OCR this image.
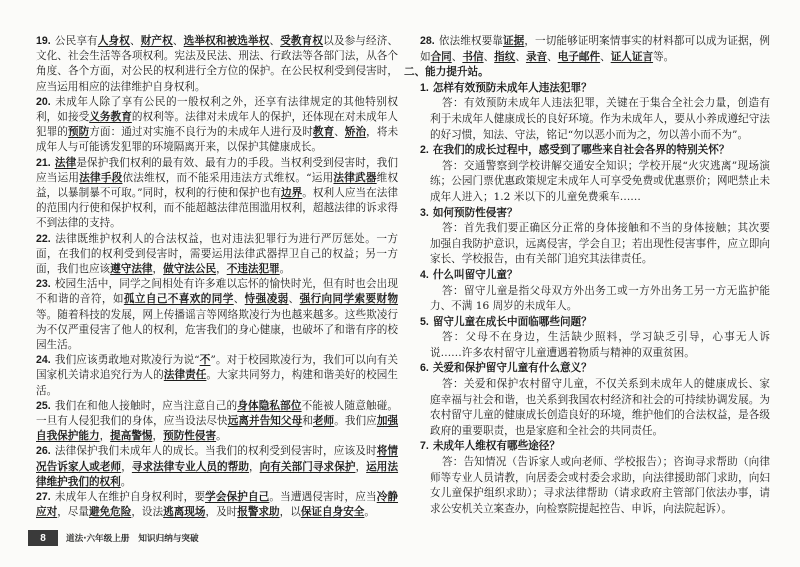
19. 公民享有人身权、财产权、选举权和被选举权、受教育权以及参与经济、文化、社会生活等各项权利。宪法及民法、刑法、行政法等各部门法，从各个角度、各个方面，对公民的权利进行全方位的保护。在公民权利受到侵害时，应当运用相应的法律维护自身权利。

20. 未成年人除了享有公民的一般权利之外，还享有法律规定的其他特别权利，如接受义务教育的权利等。法律对未成年人的保护，还体现在对未成年人犯罪的预防方面：通过对实施不良行为的未成年人进行及时教育、矫治，将未成年人与可能诱发犯罪的环境隔离开来，以保护其健康成长。

21. 法律是保护我们权利的最有效、最有力的手段。当权利受到侵害时，我们应当运用法律手段依法维权，而不能采用违法方式维权。“运用法律武器维权益，以暴制暴不可取。”同时，权利的行使和保护也有边界。权利人应当在法律的范围内行使和保护权利，而不能超越法律范围滥用权利，超越法律的诉求得不到法律的支持。

22. 法律既维护权利人的合法权益，也对违法犯罪行为进行严厉惩处。一方面，在我们的权利受到侵害时，需要运用法律武器捍卫自己的权益；另一方面，我们也应该遵守法律，做守法公民，不违法犯罪。

23. 校园生活中，同学之间相处有许多难以忘怀的愉快时光，但有时也会出现不和谐的音符，如孤立自己不喜欢的同学、恃强凌弱、强行向同学索要财物等。随着科技的发展，网上传播谣言等网络欺凌行为也越来越多。这些欺凌行为不仅严重侵害了他人的权利，危害我们的身心健康，也破坏了和谐有序的校园生活。

24. 我们应该勇敢地对欺凌行为说“不”。对于校园欺凌行为，我们可以向有关国家机关请求追究行为人的法律责任。大家共同努力，构建和谐美好的校园生活。

25. 我们在和他人接触时，应当注意自己的身体隐私部位不能被人随意触碰。一旦有人侵犯我们的身体，应当设法尽快远离并告知父母和老师。我们应加强自我保护能力，提高警惕，预防性侵害。

26. 法律保护我们未成年人的成长。当我们的权利受到侵害时，应该及时将情况告诉家人或老师，寻求法律专业人员的帮助，向有关部门寻求保护，运用法律维护我们的权利。

27. 未成年人在维护自身权利时，要学会保护自己。当遭遇侵害时，应当冷静应对，尽量避免危险，设法逃离现场，及时报警求助，以保证自身安全。

28. 依法维权要靠证据，一切能够证明案情事实的材料都可以成为证据，例如合同、书信、指纹、录音、电子邮件、证人证言等。

二、能力提升站。

1. 怎样有效预防未成年人违法犯罪？

答：有效预防未成年人违法犯罪，关键在于集合全社会力量，创造有利于未成年人健康成长的良好环境。作为未成年人，要从小养成遵纪守法的好习惯，知法、守法，铭记“勿以恶小而为之，勿以善小而不为”。

2. 在我们的成长过程中，感受到了哪些来自社会各界的特别关怀？

答：交通警察到学校讲解交通安全知识；学校开展“火灾逃离”现场演练；公园门票优惠政策规定未成年人可享受免费或优惠票价；网吧禁止未成年人进入；1.2 米以下的儿童免费乘车……

3. 如何预防性侵害？

答：首先我们要正确区分正常的身体接触和不当的身体接触；其次要加强自我防护意识，远离侵害，学会自卫；若出现性侵害事件，应立即向家长、学校报告，由有关部门追究其法律责任。

4. 什么叫留守儿童？

答：留守儿童是指父母双方外出务工或一方外出务工另一方无监护能力、不满 16 周岁的未成年人。

5. 留守儿童在成长中面临哪些问题？

答：父母不在身边，生活缺少照料，学习缺乏引导，心事无人诉说……许多农村留守儿童遭遇着物质与精神的双重贫困。

6. 关爱和保护留守儿童有什么意义？

答：关爱和保护农村留守儿童，不仅关系到未成年人的健康成长、家庭幸福与社会和谐，也关系到我国农村经济和社会的可持续协调发展。为农村留守儿童的健康成长创造良好的环境，维护他们的合法权益，是各级政府的重要职责，也是家庭和全社会的共同责任。

7. 未成年人维权有哪些途径？

答：告知情况（告诉家人或向老师、学校报告）；咨询寻求帮助（向律师等专业人员请教，向居委会或村委会求助，向法律援助部门求助，向妇女儿童保护组织求助）；寻求法律帮助（请求政府主管部门依法办事，请求公安机关立案查办，向检察院提起控告、申诉，向法院起诉）。

8	道法·六年级上册 知识归纳与突破
